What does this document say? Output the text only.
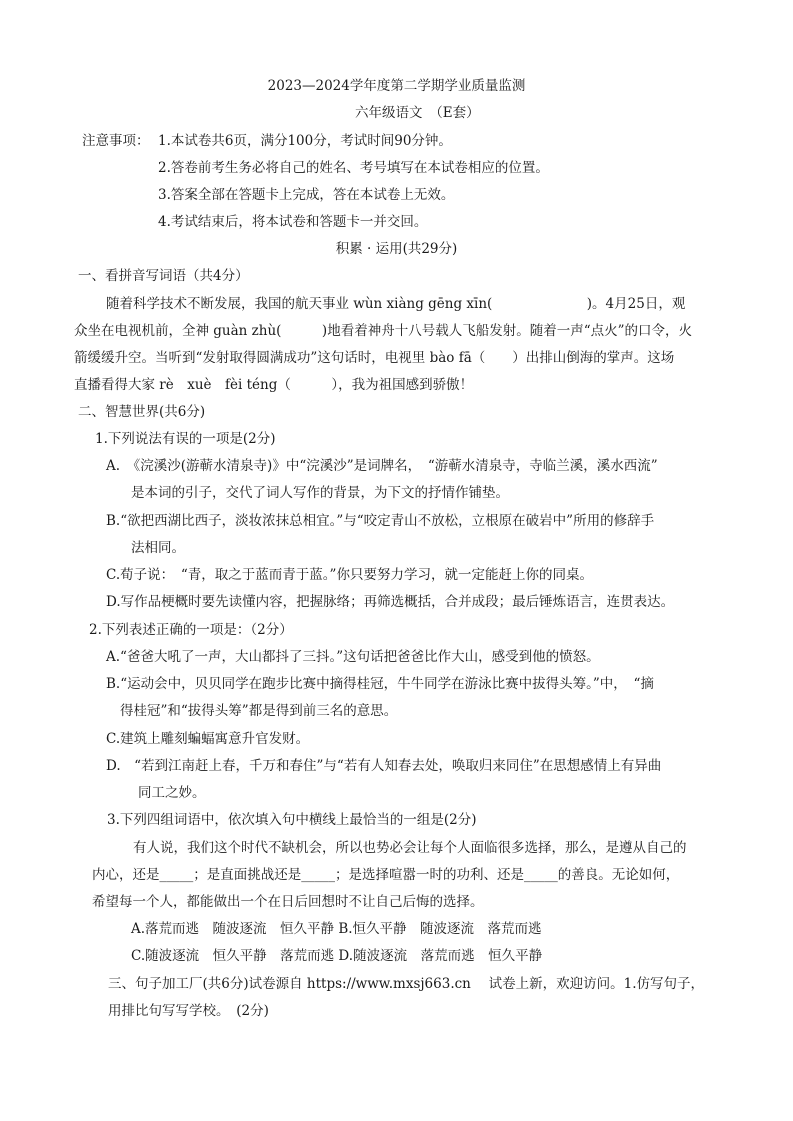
2023—2024学年度第二学期学业质量监测
六年级语文　（E套）
注意事项： 1.本试卷共6页，满分100分，考试时间90分钟。
2.答卷前考生务必将自己的姓名、考号填写在本试卷相应的位置。
3.答案全部在答题卡上完成，答在本试卷上无效。
4.考试结束后，将本试卷和答题卡一并交回。
积累 · 运用(共29分)
一、看拼音写词语（共4分）
随着科学技术不断发展，我国的航天事业 wùn xiàng gēng xīn(　　　　　　　)。4月25日，观
众坐在电视机前，全神 guàn zhù(　　　)地看着神舟十八号载人飞船发射。随着一声“点火”的口令，火
箭缓缓升空。当听到“发射取得圆满成功”这句话时，电视里 bào fā（　　）出排山倒海的掌声。这场
直播看得大家 rè　xuè　fèi téng（　　　），我为祖国感到骄傲！
二、智慧世界(共6分)
1.下列说法有误的一项是(2分)
A.　《浣溪沙(游蕲水清泉寺)》中“浣溪沙”是词牌名，　“游蕲水清泉寺，寺临兰溪，溪水西流”
是本词的引子，交代了词人写作的背景，为下文的抒情作铺垫。
B.“欲把西湖比西子，淡妆浓抹总相宜。”与“咬定青山不放松，立根原在破岩中”所用的修辞手
法相同。
C.荀子说：　“青，取之于蓝而青于蓝。”你只要努力学习，就一定能赶上你的同桌。
D.写作品梗概时要先读懂内容，把握脉络；再筛选概括，合并成段；最后锤炼语言，连贯表达。
2.下列表述正确的一项是：（2分）
A.“爸爸大吼了一声，大山都抖了三抖。”这句话把爸爸比作大山，感受到他的愤怒。
B.“运动会中，贝贝同学在跑步比赛中摘得桂冠，牛牛同学在游泳比赛中拔得头筹。”中，　“摘
得桂冠”和“拔得头筹”都是得到前三名的意思。
C.建筑上雕刻蝙蝠寓意升官发财。
D.　“若到江南赶上春，千万和春住”与“若有人知春去处，唤取归来同住”在思想感情上有异曲
同工之妙。
3.下列四组词语中，依次填入句中横线上最恰当的一组是(2分)
有人说，我们这个时代不缺机会，所以也势必会让每个人面临很多选择，那么，是遵从自己的
内心，还是_____；是直面挑战还是_____；是选择喧嚣一时的功利、还是_____的善良。无论如何，
希望每一个人，都能做出一个在日后回想时不让自己后悔的选择。
A.落荒而逃　随波逐流　恒久平静 B.恒久平静　随波逐流　落荒而逃
C.随波逐流　恒久平静　落荒而逃 D.随波逐流　落荒而逃　恒久平静
三、句子加工厂(共6分)试卷源自 https://www.mxsj663.cn　 试卷上新，欢迎访问。1.仿写句子，
用排比句写写学校。　(2分)
